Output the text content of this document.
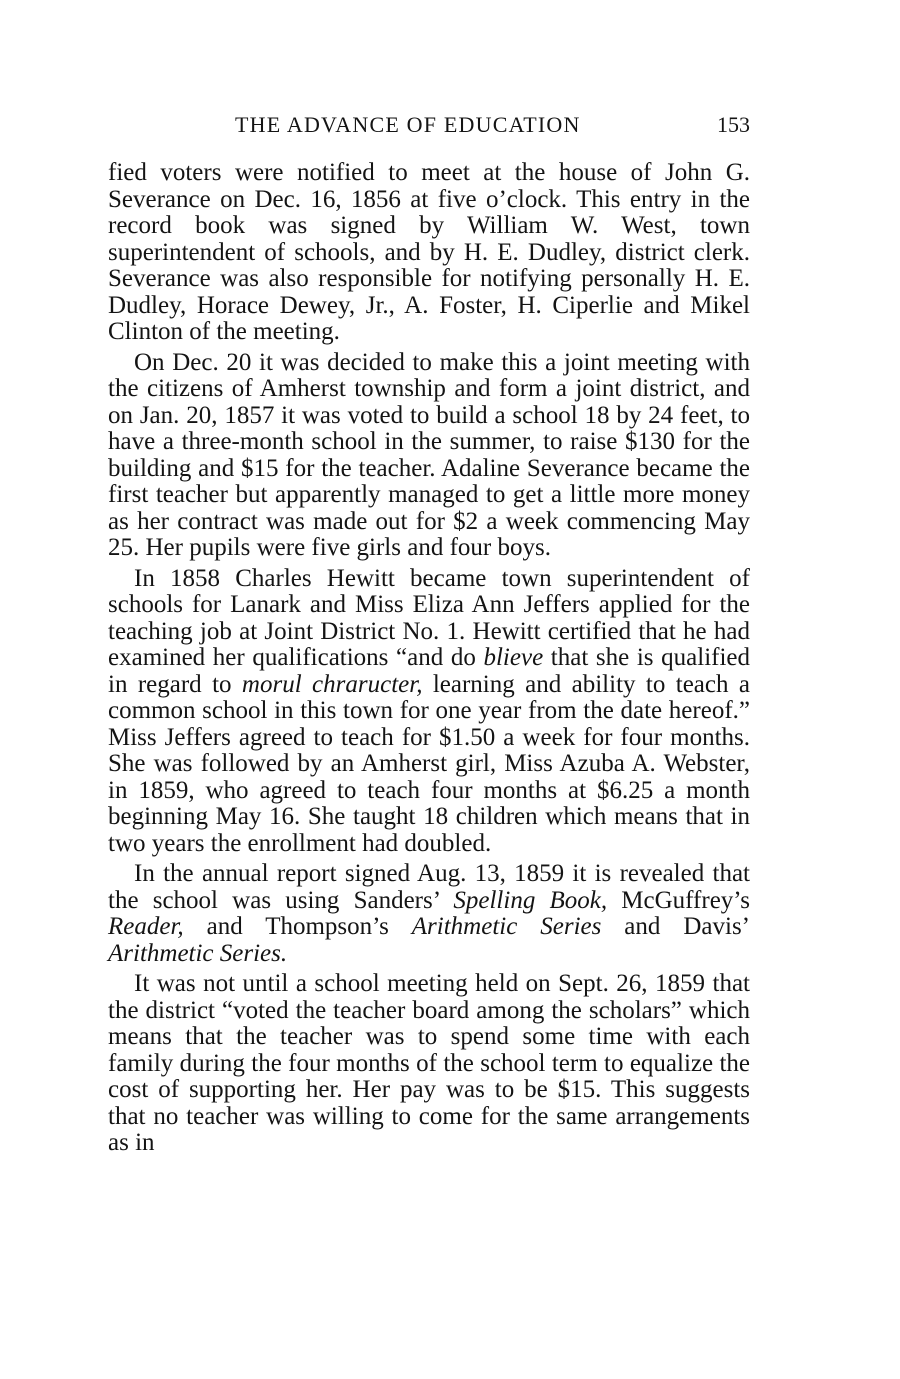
THE ADVANCE OF EDUCATION	153

fied voters were notified to meet at the house of John G. Severance on Dec. 16, 1856 at five o’clock. This entry in the record book was signed by William W. West, town superintendent of schools, and by H. E. Dudley, district clerk. Severance was also responsible for notifying personally H. E. Dudley, Horace Dewey, Jr., A. Foster, H. Ciperlie and Mikel Clinton of the meeting.

On Dec. 20 it was decided to make this a joint meeting with the citizens of Amherst township and form a joint district, and on Jan. 20, 1857 it was voted to build a school 18 by 24 feet, to have a three-month school in the summer, to raise $130 for the building and $15 for the teacher. Adaline Severance became the first teacher but apparently managed to get a little more money as her contract was made out for $2 a week commencing May 25. Her pupils were five girls and four boys.

In 1858 Charles Hewitt became town superintendent of schools for Lanark and Miss Eliza Ann Jeffers applied for the teaching job at Joint District No. 1. Hewitt certified that he had examined her qualifications “and do blieve that she is qualified in regard to morul chraructer, learning and ability to teach a common school in this town for one year from the date hereof.” Miss Jeffers agreed to teach for $1.50 a week for four months. She was followed by an Amherst girl, Miss Azuba A. Webster, in 1859, who agreed to teach four months at $6.25 a month beginning May 16. She taught 18 children which means that in two years the enrollment had doubled.

In the annual report signed Aug. 13, 1859 it is revealed that the school was using Sanders’ Spelling Book, McGuffrey’s Reader, and Thompson’s Arithmetic Series and Davis’ Arithmetic Series.

It was not until a school meeting held on Sept. 26, 1859 that the district “voted the teacher board among the scholars” which means that the teacher was to spend some time with each family during the four months of the school term to equalize the cost of supporting her. Her pay was to be $15. This suggests that no teacher was willing to come for the same arrangements as in
